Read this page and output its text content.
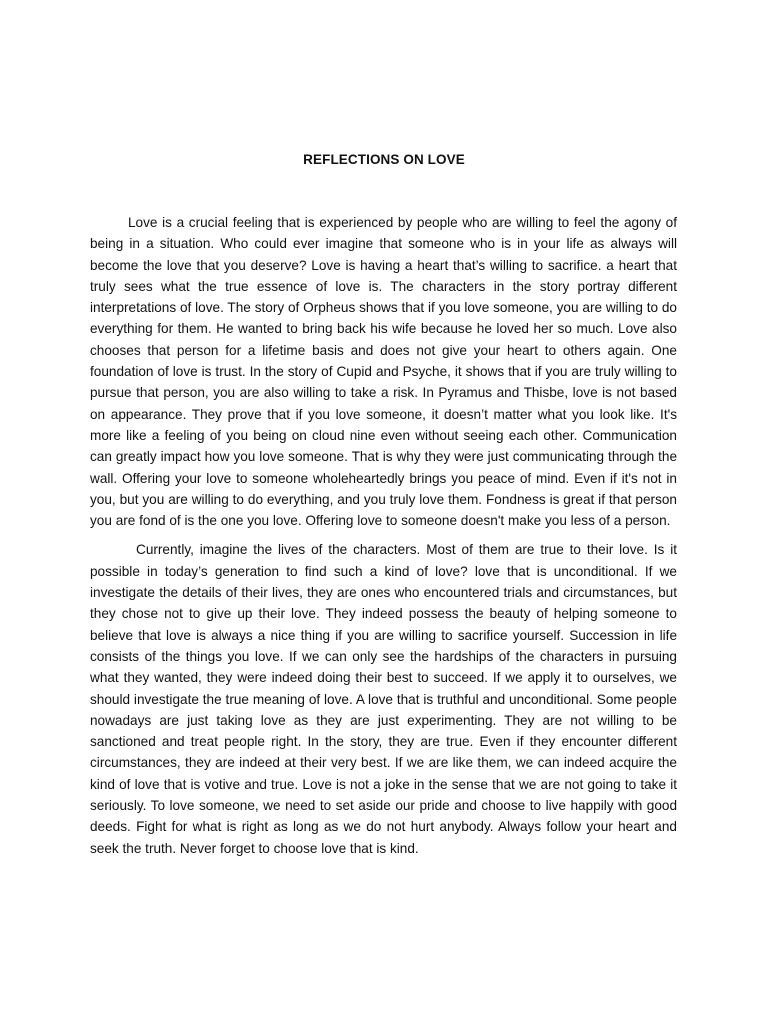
REFLECTIONS ON LOVE

Love is a crucial feeling that is experienced by people who are willing to feel the agony of being in a situation. Who could ever imagine that someone who is in your life as always will become the love that you deserve? Love is having a heart that’s willing to sacrifice. a heart that truly sees what the true essence of love is. The characters in the story portray different interpretations of love. The story of Orpheus shows that if you love someone, you are willing to do everything for them. He wanted to bring back his wife because he loved her so much. Love also chooses that person for a lifetime basis and does not give your heart to others again. One foundation of love is trust. In the story of Cupid and Psyche, it shows that if you are truly willing to pursue that person, you are also willing to take a risk. In Pyramus and Thisbe, love is not based on appearance. They prove that if you love someone, it doesn’t matter what you look like. It's more like a feeling of you being on cloud nine even without seeing each other. Communication can greatly impact how you love someone. That is why they were just communicating through the wall. Offering your love to someone wholeheartedly brings you peace of mind. Even if it's not in you, but you are willing to do everything, and you truly love them. Fondness is great if that person you are fond of is the one you love. Offering love to someone doesn't make you less of a person.

Currently, imagine the lives of the characters. Most of them are true to their love. Is it possible in today’s generation to find such a kind of love? love that is unconditional. If we investigate the details of their lives, they are ones who encountered trials and circumstances, but they chose not to give up their love. They indeed possess the beauty of helping someone to believe that love is always a nice thing if you are willing to sacrifice yourself. Succession in life consists of the things you love. If we can only see the hardships of the characters in pursuing what they wanted, they were indeed doing their best to succeed. If we apply it to ourselves, we should investigate the true meaning of love. A love that is truthful and unconditional. Some people nowadays are just taking love as they are just experimenting. They are not willing to be sanctioned and treat people right. In the story, they are true. Even if they encounter different circumstances, they are indeed at their very best. If we are like them, we can indeed acquire the kind of love that is votive and true. Love is not a joke in the sense that we are not going to take it seriously. To love someone, we need to set aside our pride and choose to live happily with good deeds. Fight for what is right as long as we do not hurt anybody. Always follow your heart and seek the truth. Never forget to choose love that is kind.
